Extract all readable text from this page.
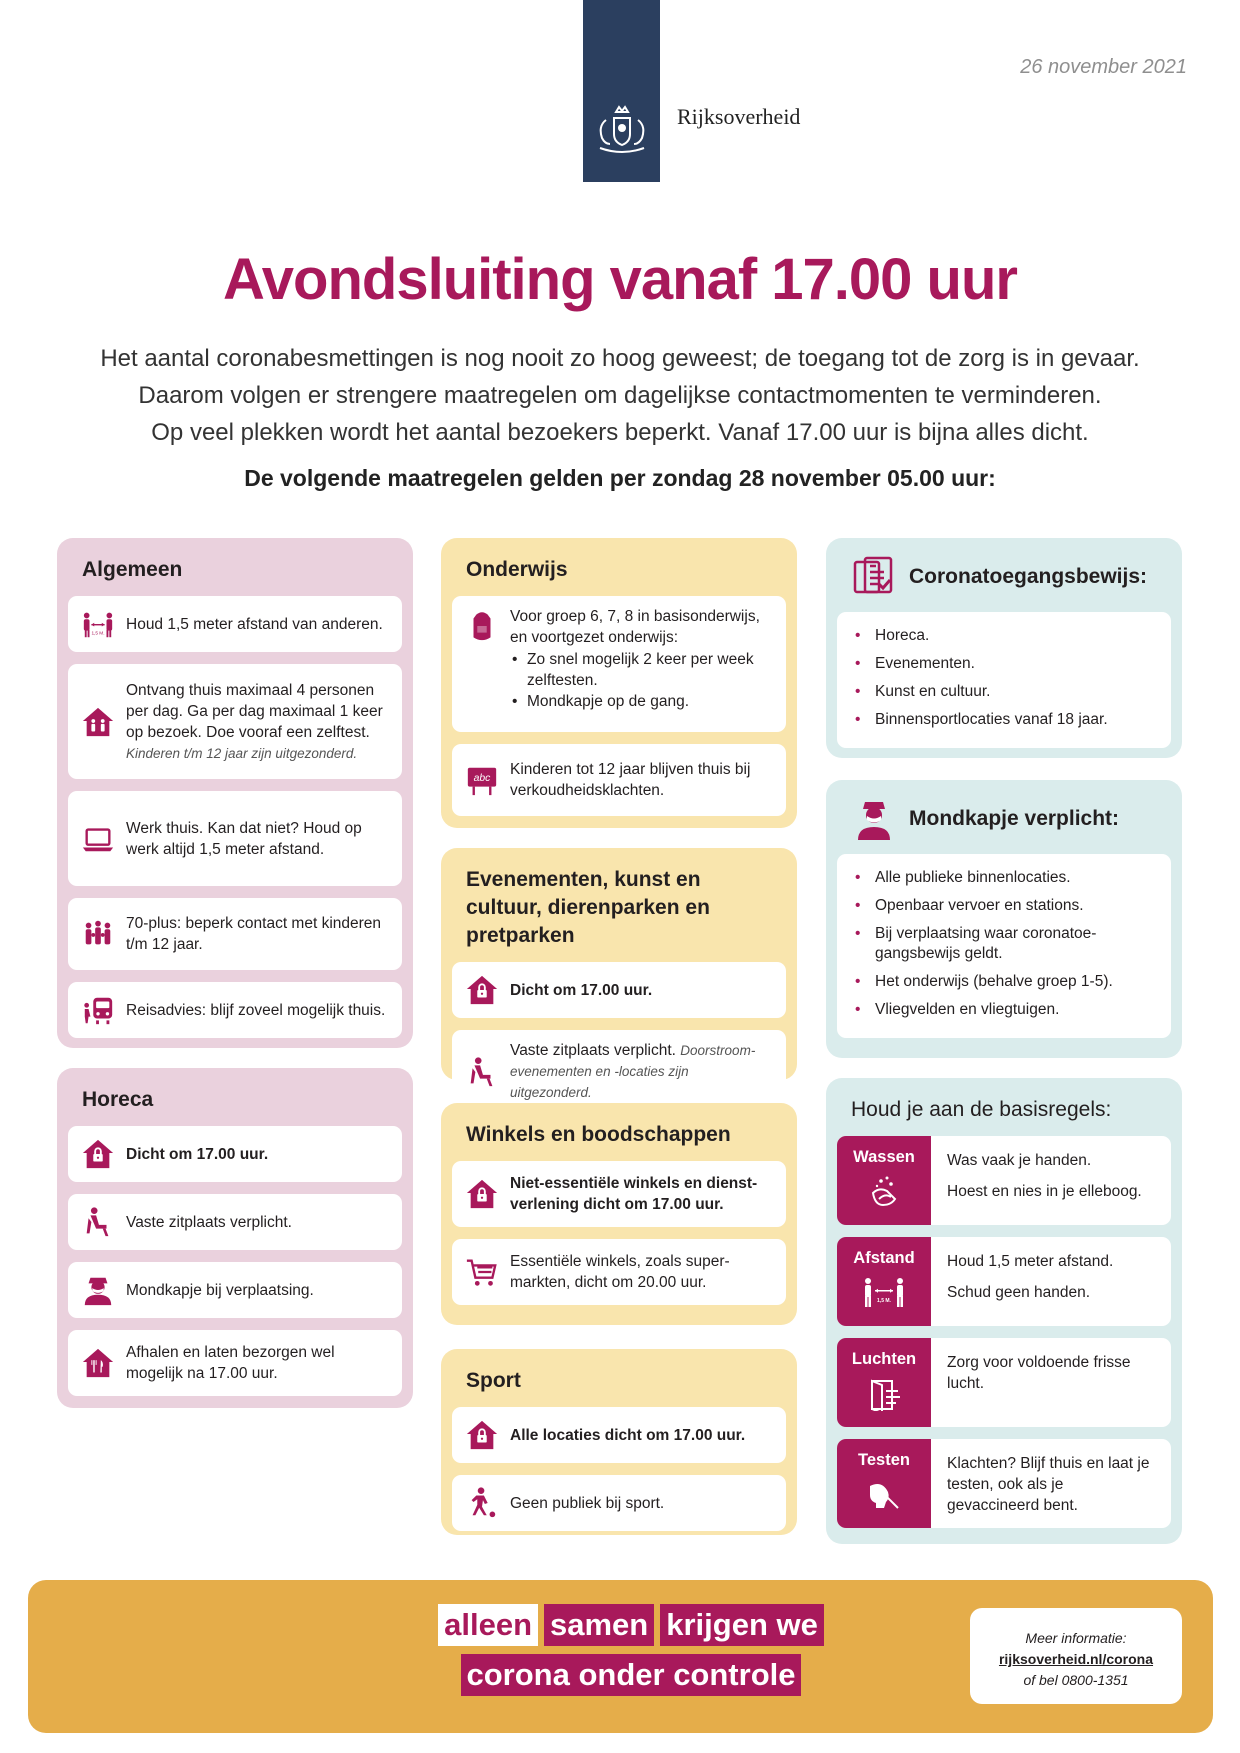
Rijksoverheid
26 november 2021
Avondsluiting vanaf 17.00 uur
Het aantal coronabesmettingen is nog nooit zo hoog geweest; de toegang tot de zorg is in gevaar.
Daarom volgen er strengere maatregelen om dagelijkse contactmomenten te verminderen.
Op veel plekken wordt het aantal bezoekers beperkt. Vanaf 17.00 uur is bijna alles dicht.
De volgende maatregelen gelden per zondag 28 november 05.00 uur:
Algemeen
1,5 M.
Houd 1,5 meter afstand van anderen.
Ontvang thuis maximaal 4 personen per dag. Ga per dag maximaal 1 keer op bezoek. Doe vooraf een zelftest.
Kinderen t/m 12 jaar zijn uitgezonderd.
Werk thuis. Kan dat niet? Houd op werk altijd 1,5 meter afstand.
70-plus: beperk contact met kinderen t/m 12 jaar.
Reisadvies: blijf zoveel mogelijk thuis.
Horeca
Dicht om 17.00 uur.
Vaste zitplaats verplicht.
Mondkapje bij verplaatsing.
Afhalen en laten bezorgen wel mogelijk na 17.00 uur.
Onderwijs
Voor groep 6, 7, 8 in basisonderwijs, en voortgezet onderwijs:
• Zo snel mogelijk 2 keer per week zelftesten.
• Mondkapje op de gang.
abc
Kinderen tot 12 jaar blijven thuis bij verkoudheidsklachten.
Evenementen, kunst en cultuur, dierenparken en pretparken
Dicht om 17.00 uur.
Vaste zitplaats verplicht. Doorstroom-evenementen en -locaties zijn uitgezonderd.
Winkels en boodschappen
Niet-essentiële winkels en dienst-verlening dicht om 17.00 uur.
Essentiële winkels, zoals super-markten, dicht om 20.00 uur.
Sport
Alle locaties dicht om 17.00 uur.
Geen publiek bij sport.
Coronatoegangsbewijs:
• Horeca.
• Evenementen.
• Kunst en cultuur.
• Binnensportlocaties vanaf 18 jaar.
Mondkapje verplicht:
• Alle publieke binnenlocaties.
• Openbaar vervoer en stations.
• Bij verplaatsing waar coronatoe-gangsbewijs geldt.
• Het onderwijs (behalve groep 1-5).
• Vliegvelden en vliegtuigen.
Houd je aan de basisregels:
Wassen	Was vaak je handen.

Hoest en nies in je elleboog.

Afstand
1,5 M.

Houd 1,5 meter afstand.

Schud geen handen.

Luchten	Zorg voor voldoende frisse lucht.

Testen	Klachten? Blijf thuis en laat je testen, ook als je gevaccineerd bent.

alleen samen krijgen we
corona onder controle
Meer informatie:
rijksoverheid.nl/corona
of bel 0800-1351
